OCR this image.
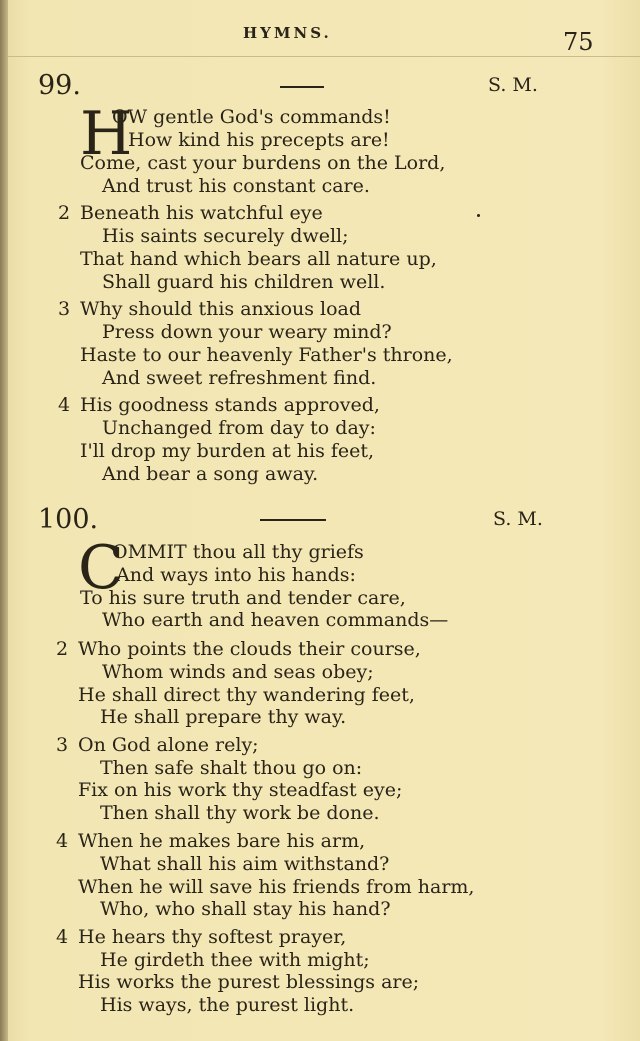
HYMNS.	75
99.	S. M.
H
OW gentle God's commands!
How kind his precepts are!
Come, cast your burdens on the Lord,
And trust his constant care.
2 Beneath his watchful eye
His saints securely dwell;
That hand which bears all nature up,
Shall guard his children well.
3 Why should this anxious load
Press down your weary mind?
Haste to our heavenly Father's throne,
And sweet refreshment find.
4 His goodness stands approved,
Unchanged from day to day:
I'll drop my burden at his feet,
And bear a song away.
100.	S. M.
C
OMMIT thou all thy griefs
And ways into his hands:
To his sure truth and tender care,
Who earth and heaven commands—
2 Who points the clouds their course,
Whom winds and seas obey;
He shall direct thy wandering feet,
He shall prepare thy way.
3 On God alone rely;
Then safe shalt thou go on:
Fix on his work thy steadfast eye;
Then shall thy work be done.
4 When he makes bare his arm,
What shall his aim withstand?
When he will save his friends from harm,
Who, who shall stay his hand?
4 He hears thy softest prayer,
He girdeth thee with might;
His works the purest blessings are;
His ways, the purest light.
